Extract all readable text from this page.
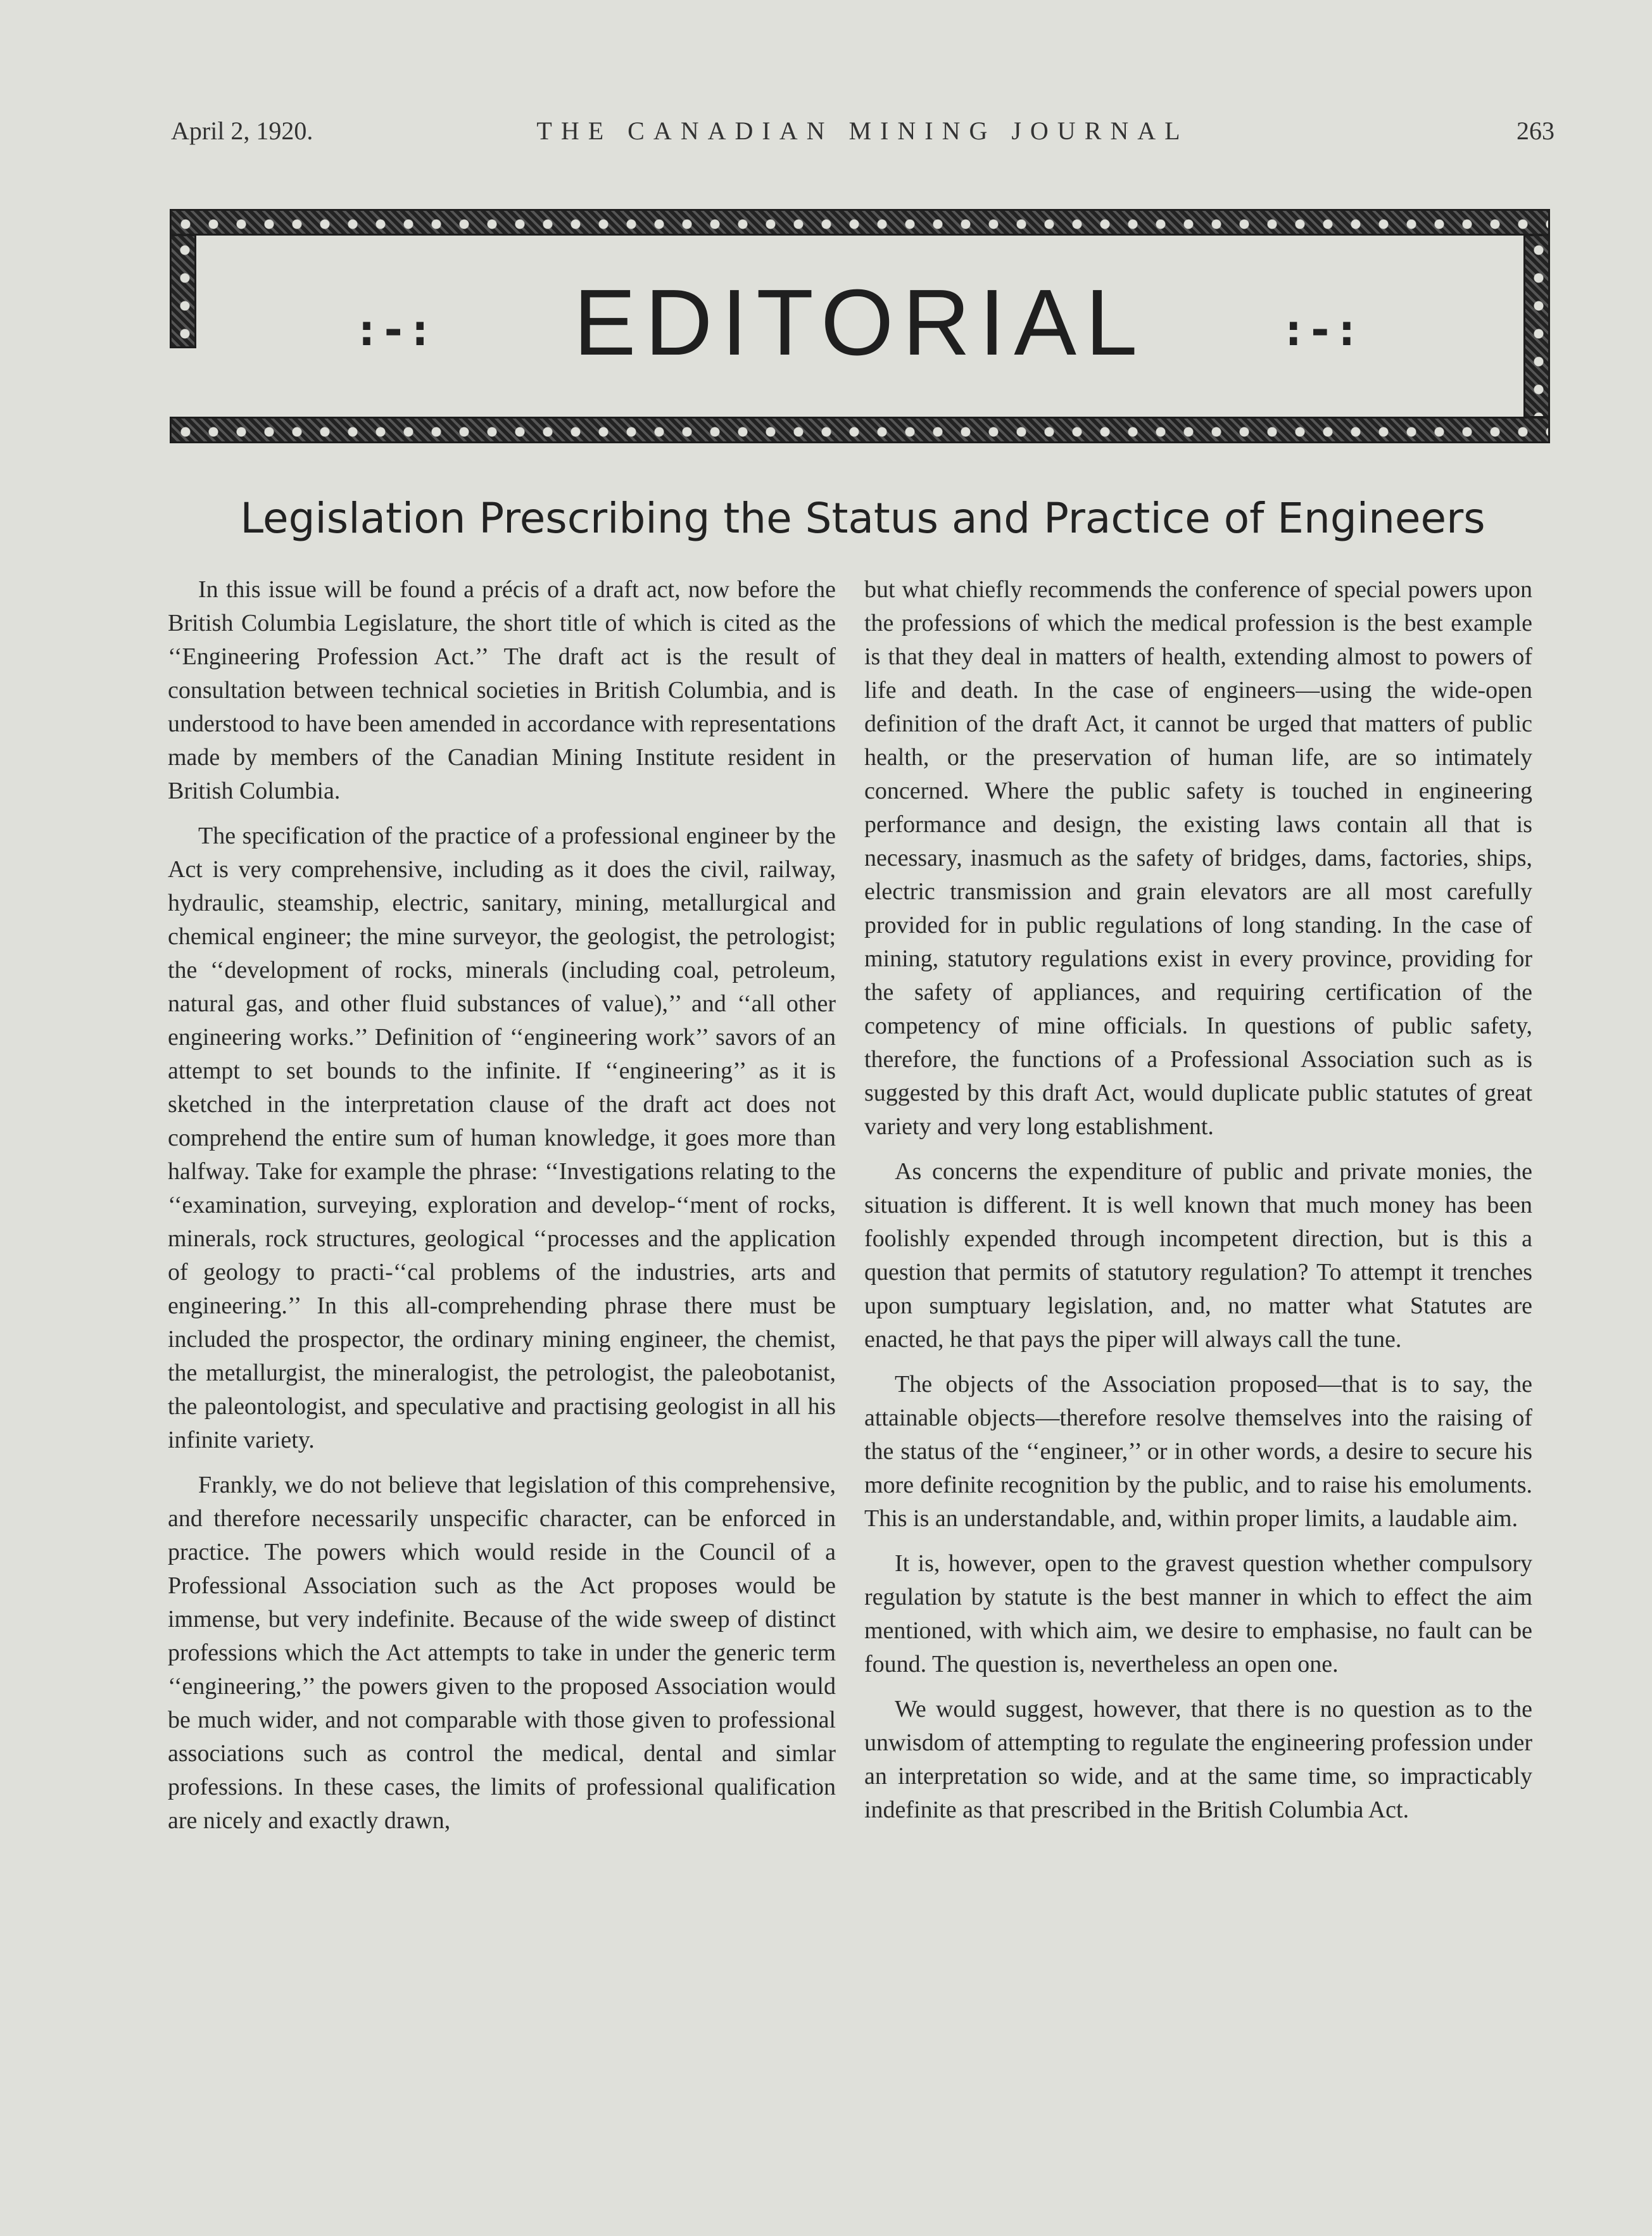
April 2, 1920.	THE CANADIAN MINING JOURNAL	263
:-:	EDITORIAL	:-:
Legislation Prescribing the Status and Practice of Engineers

In this issue will be found a précis of a draft act, now before the British Columbia Legislature, the short title of which is cited as the ‘‘Engineering Profession Act.’’ The draft act is the result of consultation between technical societies in British Columbia, and is understood to have been amended in accordance with representations made by members of the Canadian Mining Institute resident in British Columbia.

The specification of the practice of a professional engineer by the Act is very comprehensive, including as it does the civil, railway, hydraulic, steamship, electric, sanitary, mining, metallurgical and chemical engineer; the mine surveyor, the geologist, the petrologist; the ‘‘development of rocks, minerals (including coal, petroleum, natural gas, and other fluid substances of value),’’ and ‘‘all other engineering works.’’ Definition of ‘‘engineering work’’ savors of an attempt to set bounds to the infinite. If ‘‘engineering’’ as it is sketched in the interpretation clause of the draft act does not comprehend the entire sum of human knowledge, it goes more than halfway. Take for example the phrase: ‘‘Investigations relating to the ‘‘examination, surveying, exploration and develop-‘‘ment of rocks, minerals, rock structures, geological ‘‘processes and the application of geology to practi-‘‘cal problems of the industries, arts and engineering.’’ In this all-comprehending phrase there must be included the prospector, the ordinary mining engineer, the chemist, the metallurgist, the mineralogist, the petrologist, the paleobotanist, the paleontologist, and speculative and practising geologist in all his infinite variety.

Frankly, we do not believe that legislation of this comprehensive, and therefore necessarily unspecific character, can be enforced in practice. The powers which would reside in the Council of a Professional Association such as the Act proposes would be immense, but very indefinite. Because of the wide sweep of distinct professions which the Act attempts to take in under the generic term ‘‘engineering,’’ the powers given to the proposed Association would be much wider, and not comparable with those given to professional associations such as control the medical, dental and simlar professions. In these cases, the limits of professional qualification are nicely and exactly drawn,

but what chiefly recommends the conference of special powers upon the professions of which the medical profession is the best example is that they deal in matters of health, extending almost to powers of life and death. In the case of engineers—using the wide-open definition of the draft Act, it cannot be urged that matters of public health, or the preservation of human life, are so intimately concerned. Where the public safety is touched in engineering performance and design, the existing laws contain all that is necessary, inasmuch as the safety of bridges, dams, factories, ships, electric transmission and grain elevators are all most carefully provided for in public regulations of long standing. In the case of mining, statutory regulations exist in every province, providing for the safety of appliances, and requiring certification of the competency of mine officials. In questions of public safety, therefore, the functions of a Professional Association such as is suggested by this draft Act, would duplicate public statutes of great variety and very long establishment.

As concerns the expenditure of public and private monies, the situation is different. It is well known that much money has been foolishly expended through incompetent direction, but is this a question that permits of statutory regulation? To attempt it trenches upon sumptuary legislation, and, no matter what Statutes are enacted, he that pays the piper will always call the tune.

The objects of the Association proposed—that is to say, the attainable objects—therefore resolve themselves into the raising of the status of the ‘‘engineer,’’ or in other words, a desire to secure his more definite recognition by the public, and to raise his emoluments. This is an understandable, and, within proper limits, a laudable aim.

It is, however, open to the gravest question whether compulsory regulation by statute is the best manner in which to effect the aim mentioned, with which aim, we desire to emphasise, no fault can be found. The question is, nevertheless an open one.

We would suggest, however, that there is no question as to the unwisdom of attempting to regulate the engineering profession under an interpretation so wide, and at the same time, so impracticably indefinite as that prescribed in the British Columbia Act.
